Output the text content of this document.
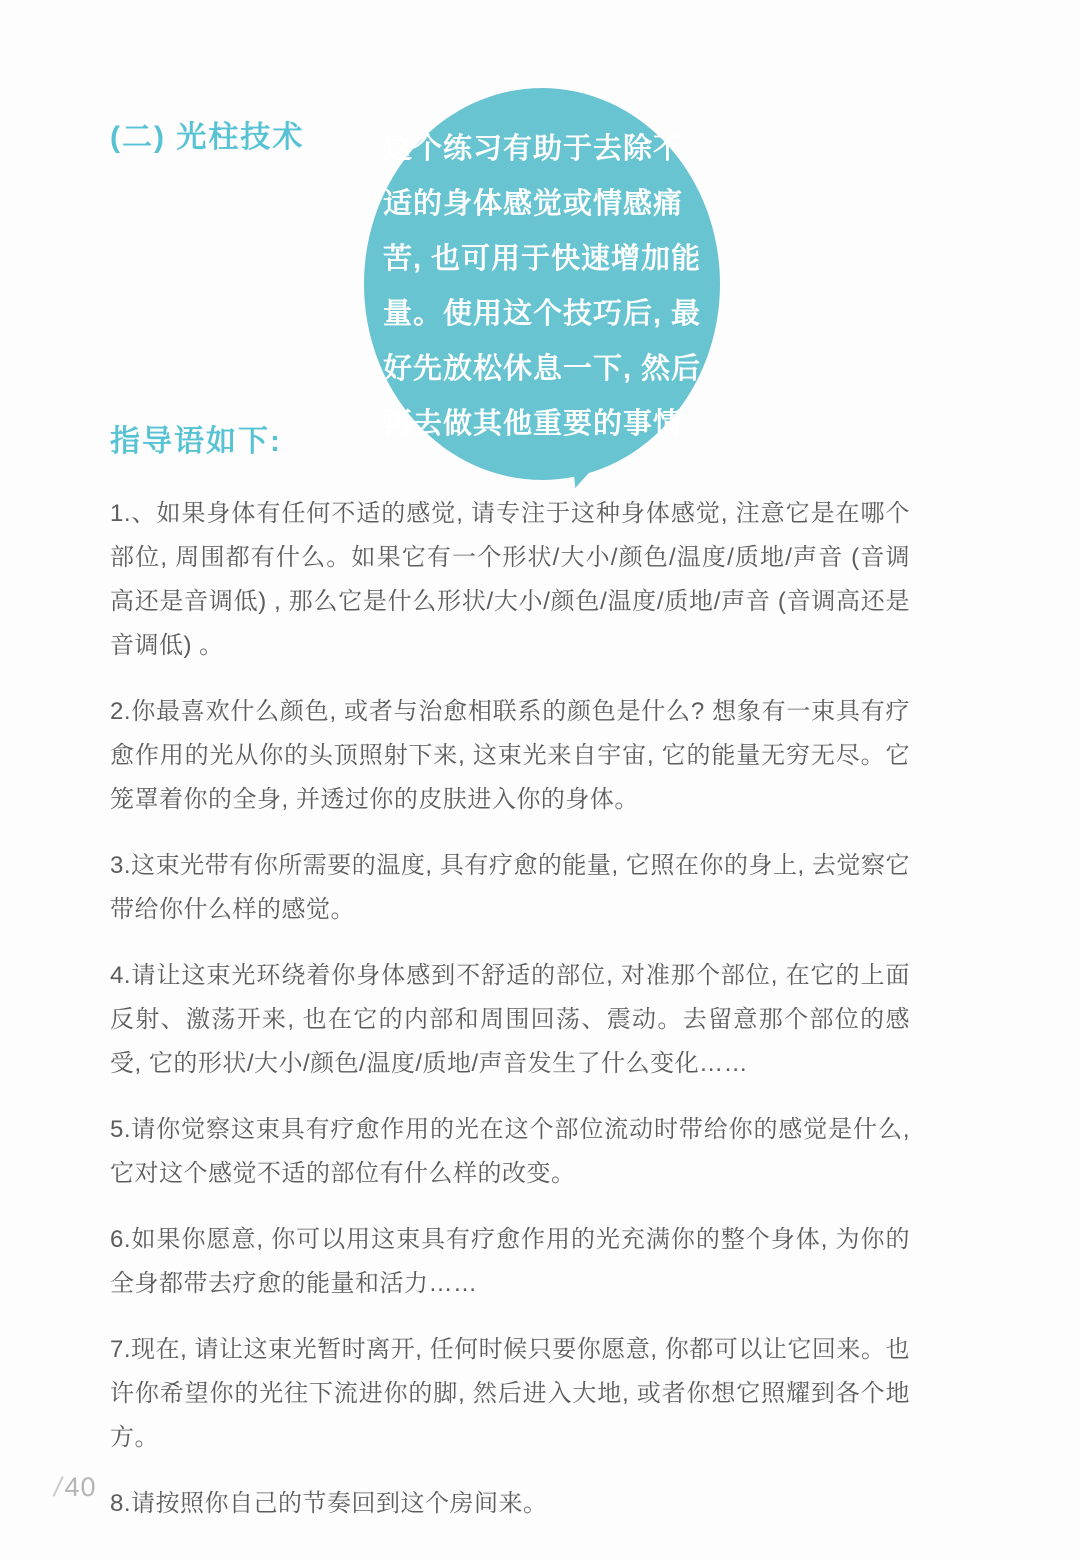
(二) 光柱技术	这个练习有助于去除不
适的身体感觉或情感痛
苦, 也可用于快速增加能
量。使用这个技巧后, 最
好先放松休息一下, 然后
再去做其他重要的事情
指导语如下:

1.、如果身体有任何不适的感觉, 请专注于这种身体感觉, 注意它是在哪个部位, 周围都有什么。如果它有一个形状/大小/颜色/温度/质地/声音 (音调高还是音调低) , 那么它是什么形状/大小/颜色/温度/质地/声音 (音调高还是音调低) 。

2.你最喜欢什么颜色, 或者与治愈相联系的颜色是什么? 想象有一束具有疗愈作用的光从你的头顶照射下来, 这束光来自宇宙, 它的能量无穷无尽。它笼罩着你的全身, 并透过你的皮肤进入你的身体。

3.这束光带有你所需要的温度, 具有疗愈的能量, 它照在你的身上, 去觉察它带给你什么样的感觉。

4.请让这束光环绕着你身体感到不舒适的部位, 对准那个部位, 在它的上面反射、激荡开来, 也在它的内部和周围回荡、震动。去留意那个部位的感受, 它的形状/大小/颜色/温度/质地/声音发生了什么变化……

5.请你觉察这束具有疗愈作用的光在这个部位流动时带给你的感觉是什么, 它对这个感觉不适的部位有什么样的改变。

6.如果你愿意, 你可以用这束具有疗愈作用的光充满你的整个身体, 为你的全身都带去疗愈的能量和活力……

7.现在, 请让这束光暂时离开, 任何时候只要你愿意, 你都可以让它回来。也许你希望你的光往下流进你的脚, 然后进入大地, 或者你想它照耀到各个地方。

8.请按照你自己的节奏回到这个房间来。

/40
